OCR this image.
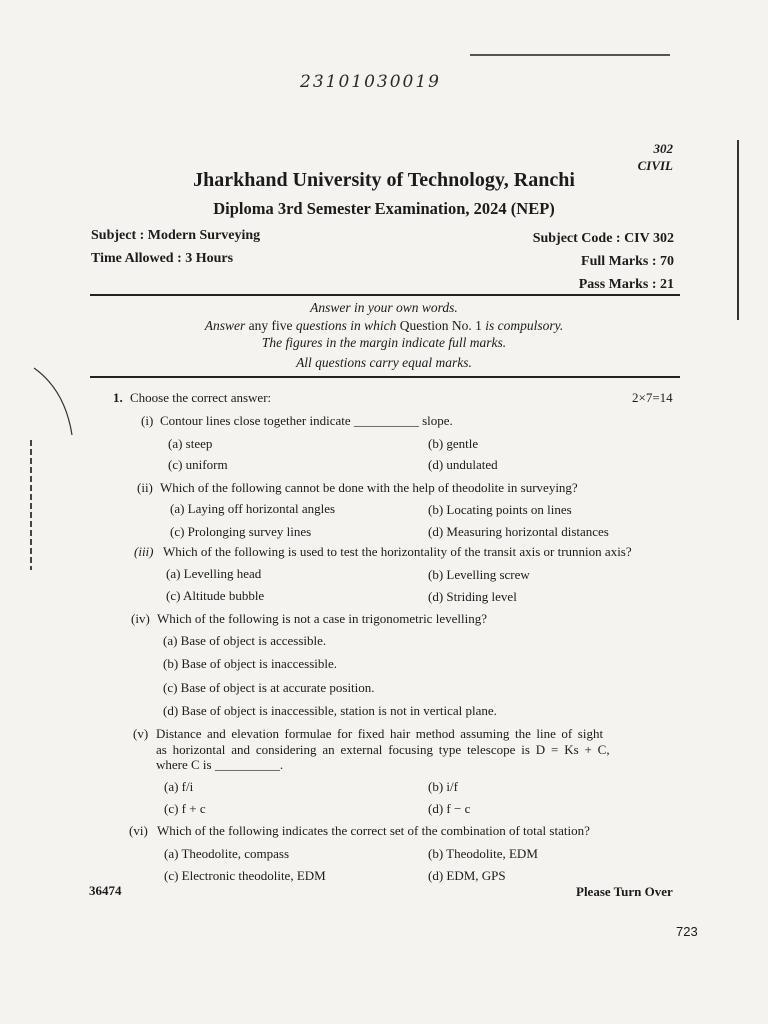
23101030019
302
CIVIL
Jharkhand University of Technology, Ranchi
Diploma 3rd Semester Examination, 2024 (NEP)
Subject : Modern Surveying
Time Allowed : 3 Hours
Subject Code : CIV 302
Full Marks : 70
Pass Marks : 21
Answer in your own words.
Answer any five questions in which Question No. 1 is compulsory.
The figures in the margin indicate full marks.
All questions carry equal marks.
1. Choose the correct answer:	2×7=14
(i) Contour lines close together indicate __________ slope.
(a) steep	(b) gentle
(c) uniform	(d) undulated
(ii) Which of the following cannot be done with the help of theodolite in surveying?
(a) Laying off horizontal angles	(b) Locating points on lines
(c) Prolonging survey lines	(d) Measuring horizontal distances
(iii) Which of the following is used to test the horizontality of the transit axis or trunnion axis?
(a) Levelling head	(b) Levelling screw
(c) Altitude bubble	(d) Striding level
(iv) Which of the following is not a case in trigonometric levelling?
(a) Base of object is accessible.
(b) Base of object is inaccessible.
(c) Base of object is at accurate position.
(d) Base of object is inaccessible, station is not in vertical plane.
(v) Distance and elevation formulae for fixed hair method assuming the line of sight
as horizontal and considering an external focusing type telescope is D = Ks + C,
where C is __________.
(a) f/i	(b) i/f
(c) f + c	(d) f − c
(vi) Which of the following indicates the correct set of the combination of total station?
(a) Theodolite, compass	(b) Theodolite, EDM
(c) Electronic theodolite, EDM	(d) EDM, GPS
36474	Please Turn Over
723
